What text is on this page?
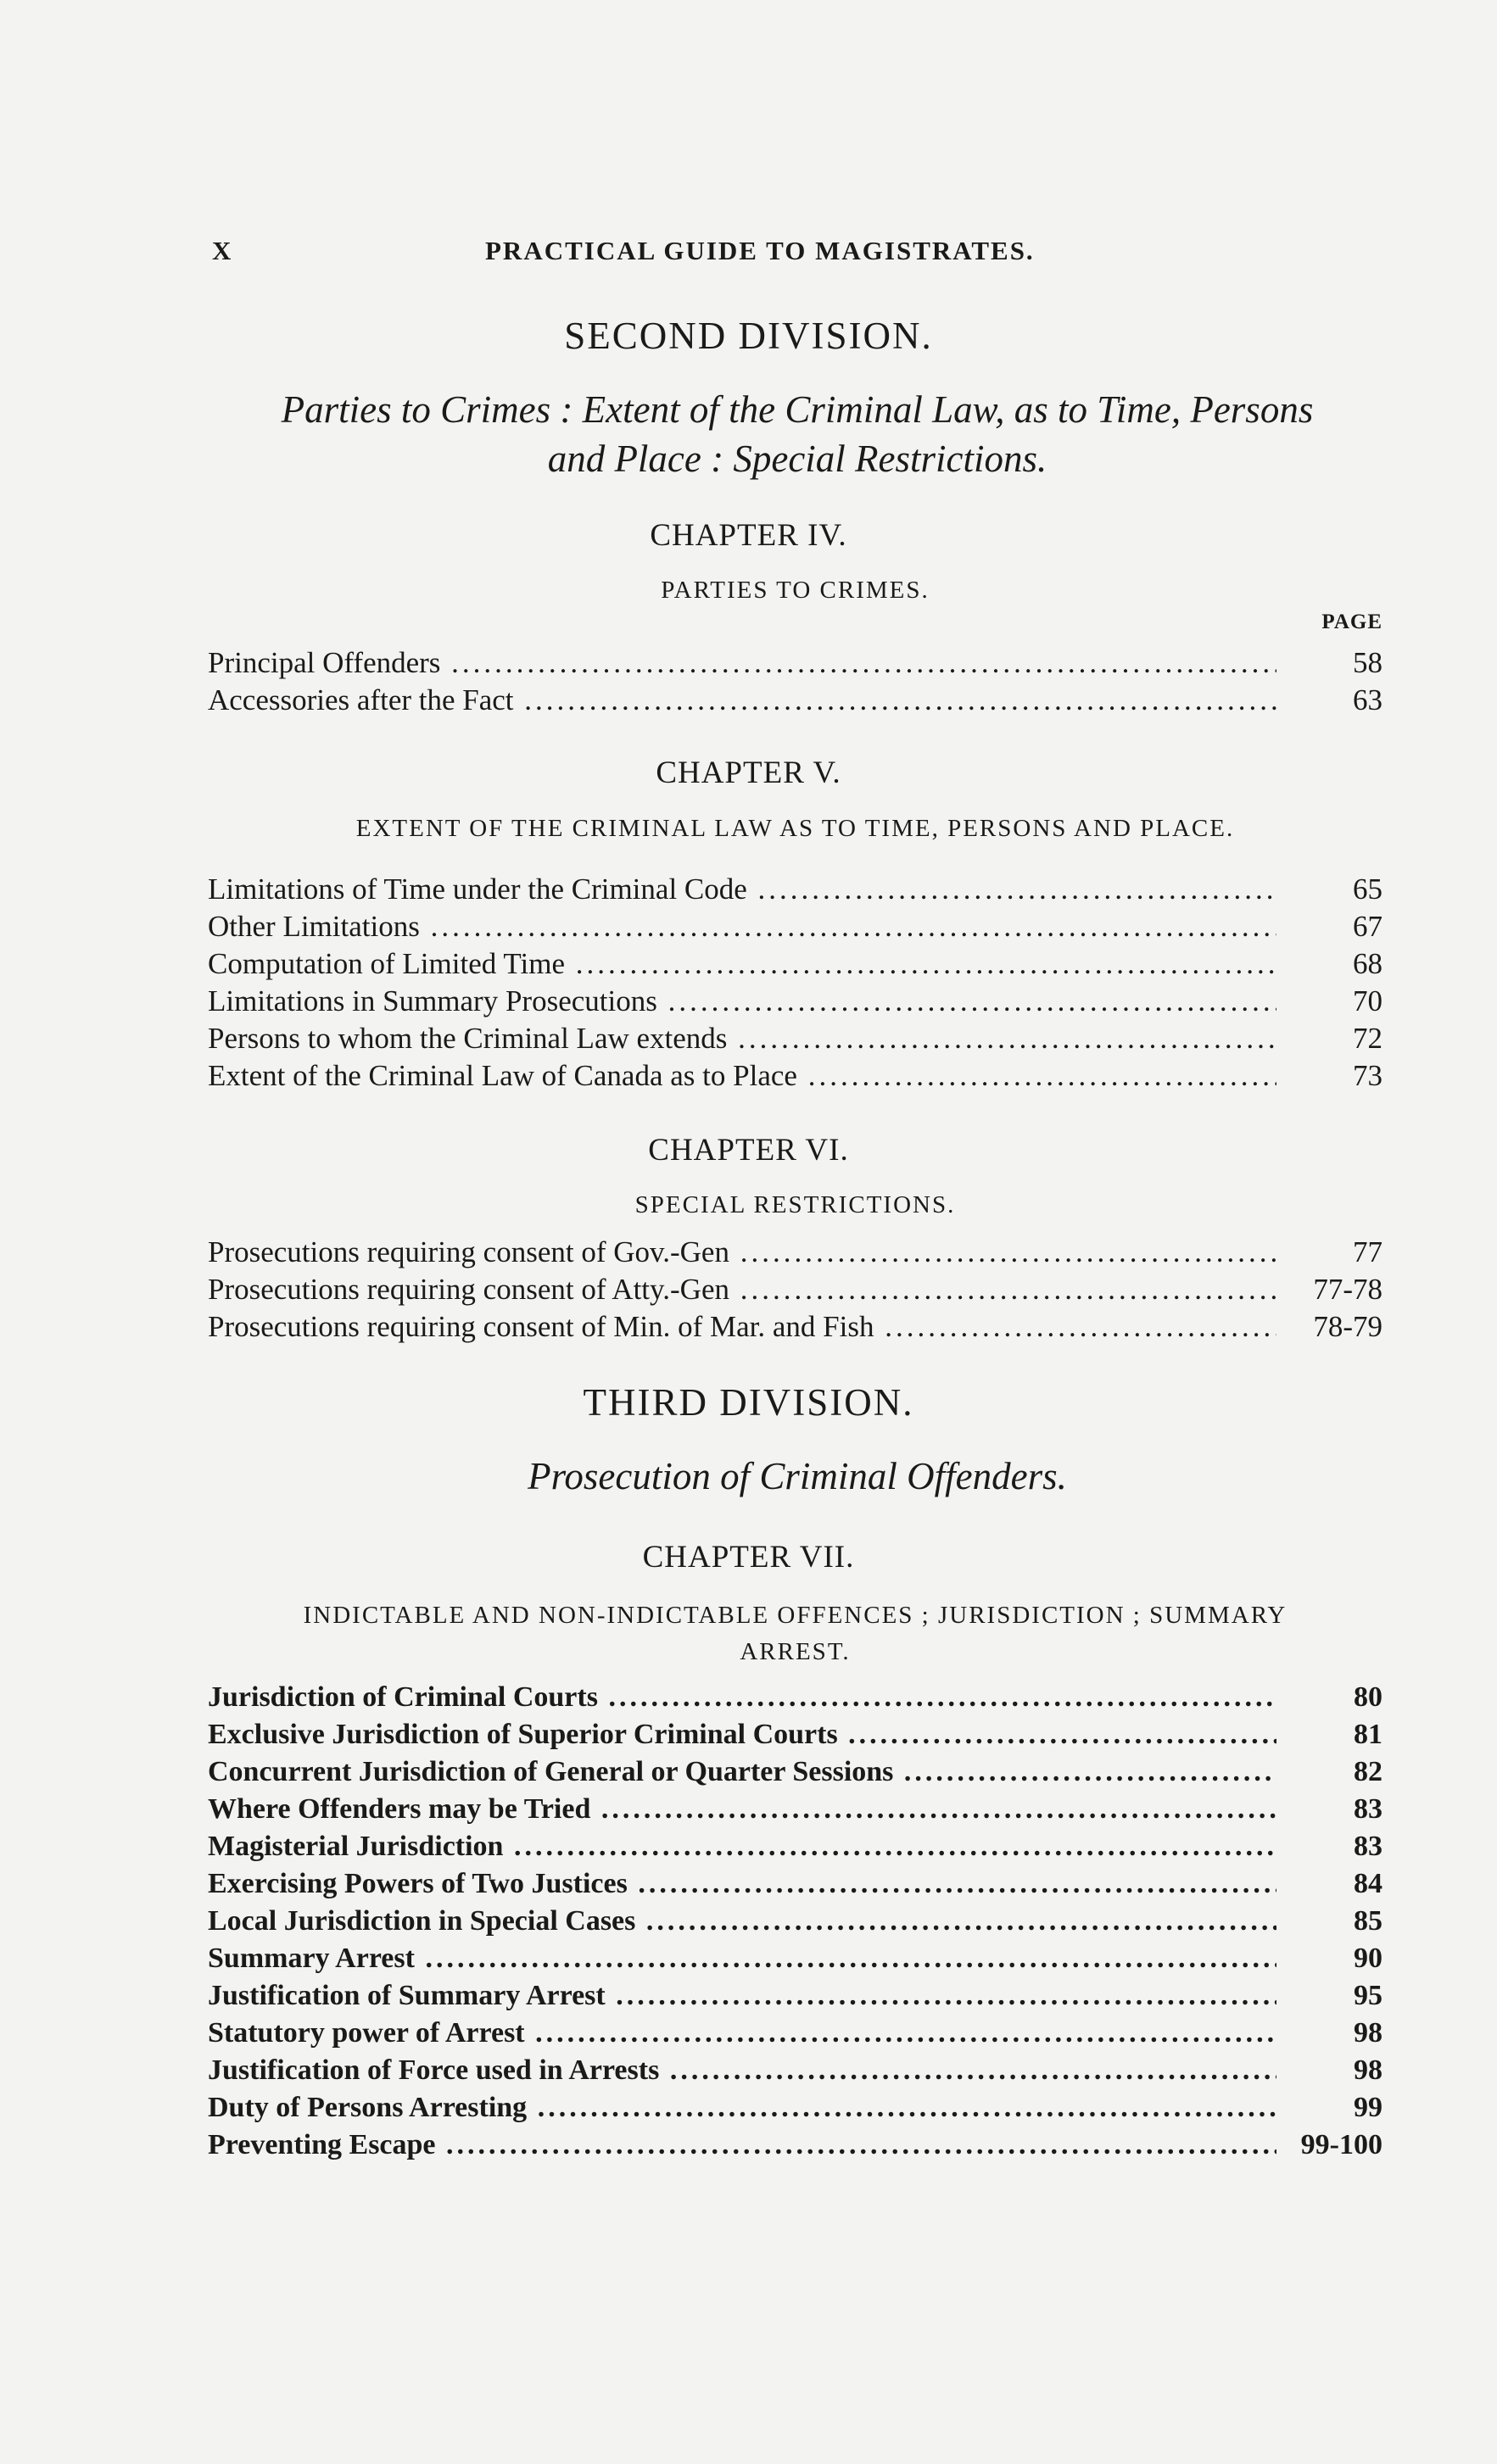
X	PRACTICAL GUIDE TO MAGISTRATES.
SECOND DIVISION.
Parties to Crimes : Extent of the Criminal Law, as to Time, Persons
and Place : Special Restrictions.
CHAPTER IV.
PARTIES TO CRIMES.
PAGE
Principal Offenders .....	58
Accessories after the Fact .....	63
CHAPTER V.
EXTENT OF THE CRIMINAL LAW AS TO TIME, PERSONS AND PLACE.
Limitations of Time under the Criminal Code .....	65
Other Limitations .....	67
Computation of Limited Time .....	68
Limitations in Summary Prosecutions .....	70
Persons to whom the Criminal Law extends .....	72
Extent of the Criminal Law of Canada as to Place .....	73
CHAPTER VI.
SPECIAL RESTRICTIONS.
Prosecutions requiring consent of Gov.-Gen .....	77
Prosecutions requiring consent of Atty.-Gen .....	77-78
Prosecutions requiring consent of Min. of Mar. and Fish .....	78-79
THIRD DIVISION.
Prosecution of Criminal Offenders.
CHAPTER VII.
INDICTABLE AND NON-INDICTABLE OFFENCES ; JURISDICTION ; SUMMARY
ARREST.
Jurisdiction of Criminal Courts .....	80
Exclusive Jurisdiction of Superior Criminal Courts .....	81
Concurrent Jurisdiction of General or Quarter Sessions .....	82
Where Offenders may be Tried .....	83
Magisterial Jurisdiction .....	83
Exercising Powers of Two Justices .....	84
Local Jurisdiction in Special Cases .....	85
Summary Arrest .....	90
Justification of Summary Arrest .....	95
Statutory power of Arrest .....	98
Justification of Force used in Arrests .....	98
Duty of Persons Arresting .....	99
Preventing Escape .....	99-100
